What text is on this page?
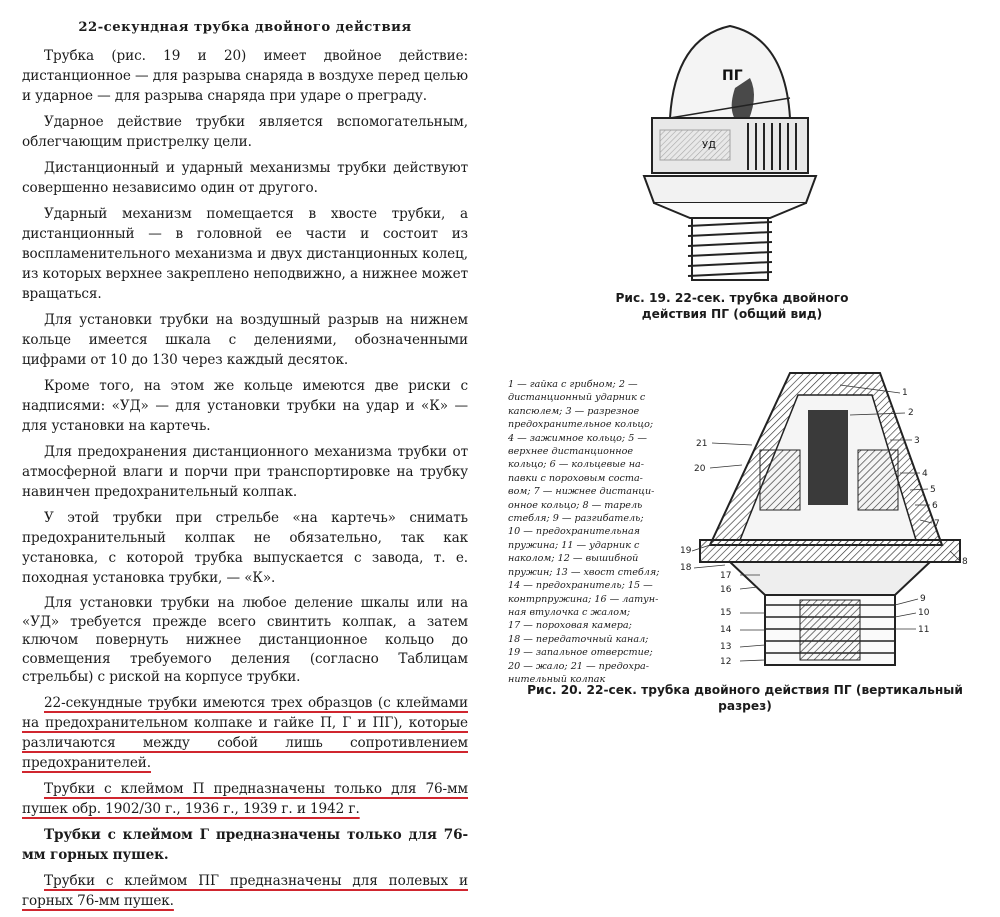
22-секундная трубка двойного действия

Трубка (рис. 19 и 20) имеет двойное действие: дистанционное — для разрыва снаряда в воздухе перед целью и ударное — для разрыва снаряда при ударе о преграду.

Ударное действие трубки является вспомогательным, облегчающим пристрелку цели.

Дистанционный и ударный механизмы трубки действуют совершенно независимо один от другого.

Ударный механизм помещается в хвосте трубки, а дистанционный — в головной ее части и состоит из воспламенительного механизма и двух дистанционных колец, из которых верхнее закреплено неподвижно, а нижнее может вращаться.

Для установки трубки на воздушный разрыв на нижнем кольце имеется шкала с делениями, обозначенными цифрами от 10 до 130 через каждый десяток.

Кроме того, на этом же кольце имеются две риски с надписями: «УД» — для установки трубки на удар и «К» — для установки на картечь.

Для предохранения дистанционного механизма трубки от атмосферной влаги и порчи при транспортировке на трубку навинчен предохранительный колпак.

У этой трубки при стрельбе «на картечь» снимать предохранительный колпак не обязательно, так как установка, с которой трубка выпускается с завода, т. е. походная установка трубки, — «К».

Для установки трубки на любое деление шкалы или на «УД» требуется прежде всего свинтить колпак, а затем ключом повернуть нижнее дистанционное кольцо до совмещения требуемого деления (согласно Таблицам стрельбы) с риской на корпусе трубки.

22-секундные трубки имеются трех образцов (с клеймами на предохранительном колпаке и гайке П, Г и ПГ), которые различаются между собой лишь сопротивлением предохранителей.

Трубки с клеймом П предназначены только для 76-мм пушек обр. 1902/30 г., 1936 г., 1939 г. и 1942 г.

Трубки с клеймом Г предназначены только для 76-мм горных пушек.

Трубки с клеймом ПГ предназначены для полевых и горных 76-мм пушек.

ПГ
УД
Рис. 19. 22-сек. трубка двойного действия ПГ (общий вид)
1 — гайка с грибном; 2 —
дистанционный ударник с
капсюлем; 3 — разрезное
предохранительное кольцо;
4 — зажимное кольцо; 5 —
верхнее дистанционное
кольцо; 6 — кольцевые на-
павки с пороховым соста-
вом; 7 — нижнее дистанци-
онное кольцо; 8 — тарель
стебля; 9 — разгибатель;
10 — предохранительная
пружина; 11 — ударник с
наколом; 12 — вышибной
пружин; 13 — хвост стебля;
14 — предохранитель; 15 —
контрпружина; 16 — латун-
ная втулочка с жалом;
17 — пороховая камера;
18 — передаточный канал;
19 — запальное отверстие;
20 — жало; 21 — предохра-
нительный колпак
1
2
3
4
5
6
7
8
9
10
11
12
13
14
15
16
17
18
19
20
21
Рис. 20. 22-сек. трубка двойного действия ПГ (вертикальный разрез)
